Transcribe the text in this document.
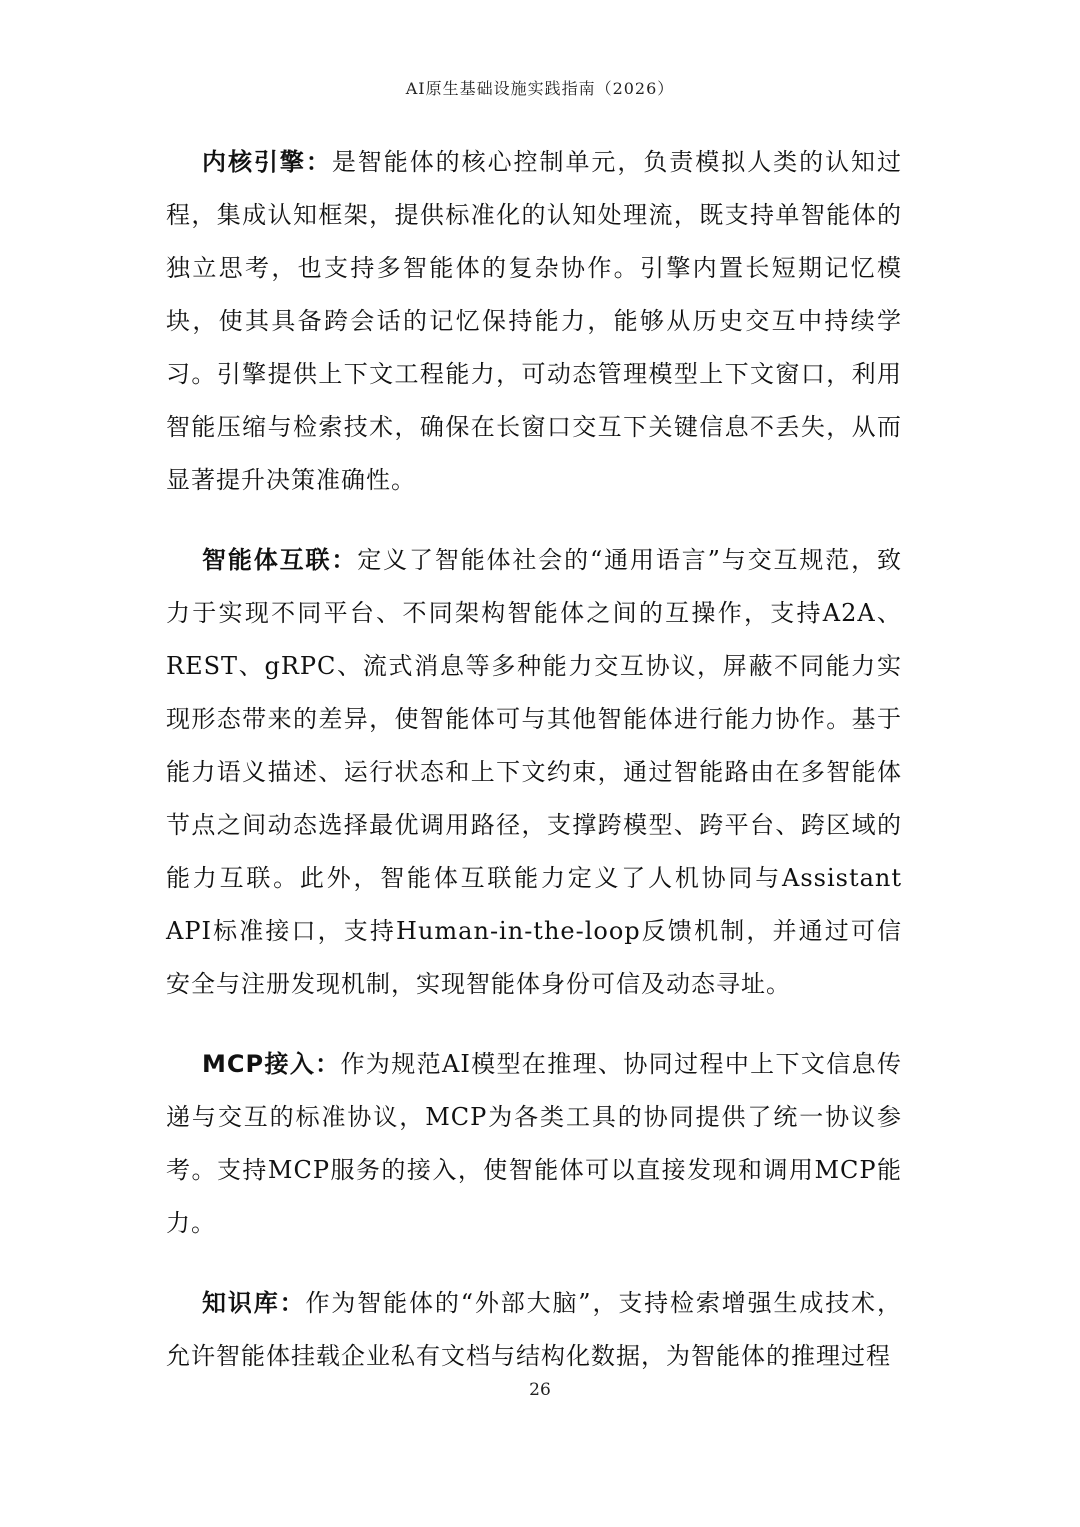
AI原生基础设施实践指南（2026）

内核引擎：是智能体的核心控制单元，负责模拟人类的认知过程，集成认知框架，提供标准化的认知处理流，既支持单智能体的独立思考，也支持多智能体的复杂协作。引擎内置长短期记忆模块，使其具备跨会话的记忆保持能力，能够从历史交互中持续学习。引擎提供上下文工程能力，可动态管理模型上下文窗口，利用智能压缩与检索技术，确保在长窗口交互下关键信息不丢失，从而显著提升决策准确性。

智能体互联：定义了智能体社会的“通用语言”与交互规范，致力于实现不同平台、不同架构智能体之间的互操作，支持A2A、REST、gRPC、流式消息等多种能力交互协议，屏蔽不同能力实现形态带来的差异，使智能体可与其他智能体进行能力协作。基于能力语义描述、运行状态和上下文约束，通过智能路由在多智能体节点之间动态选择最优调用路径，支撑跨模型、跨平台、跨区域的能力互联。此外，智能体互联能力定义了人机协同与Assistant API标准接口，支持Human-in-the-loop反馈机制，并通过可信安全与注册发现机制，实现智能体身份可信及动态寻址。

MCP接入：作为规范AI模型在推理、协同过程中上下文信息传递与交互的标准协议，MCP为各类工具的协同提供了统一协议参考。支持MCP服务的接入，使智能体可以直接发现和调用MCP能力。

知识库：作为智能体的“外部大脑”，支持检索增强生成技术，允许智能体挂载企业私有文档与结构化数据，为智能体的推理过程

26
